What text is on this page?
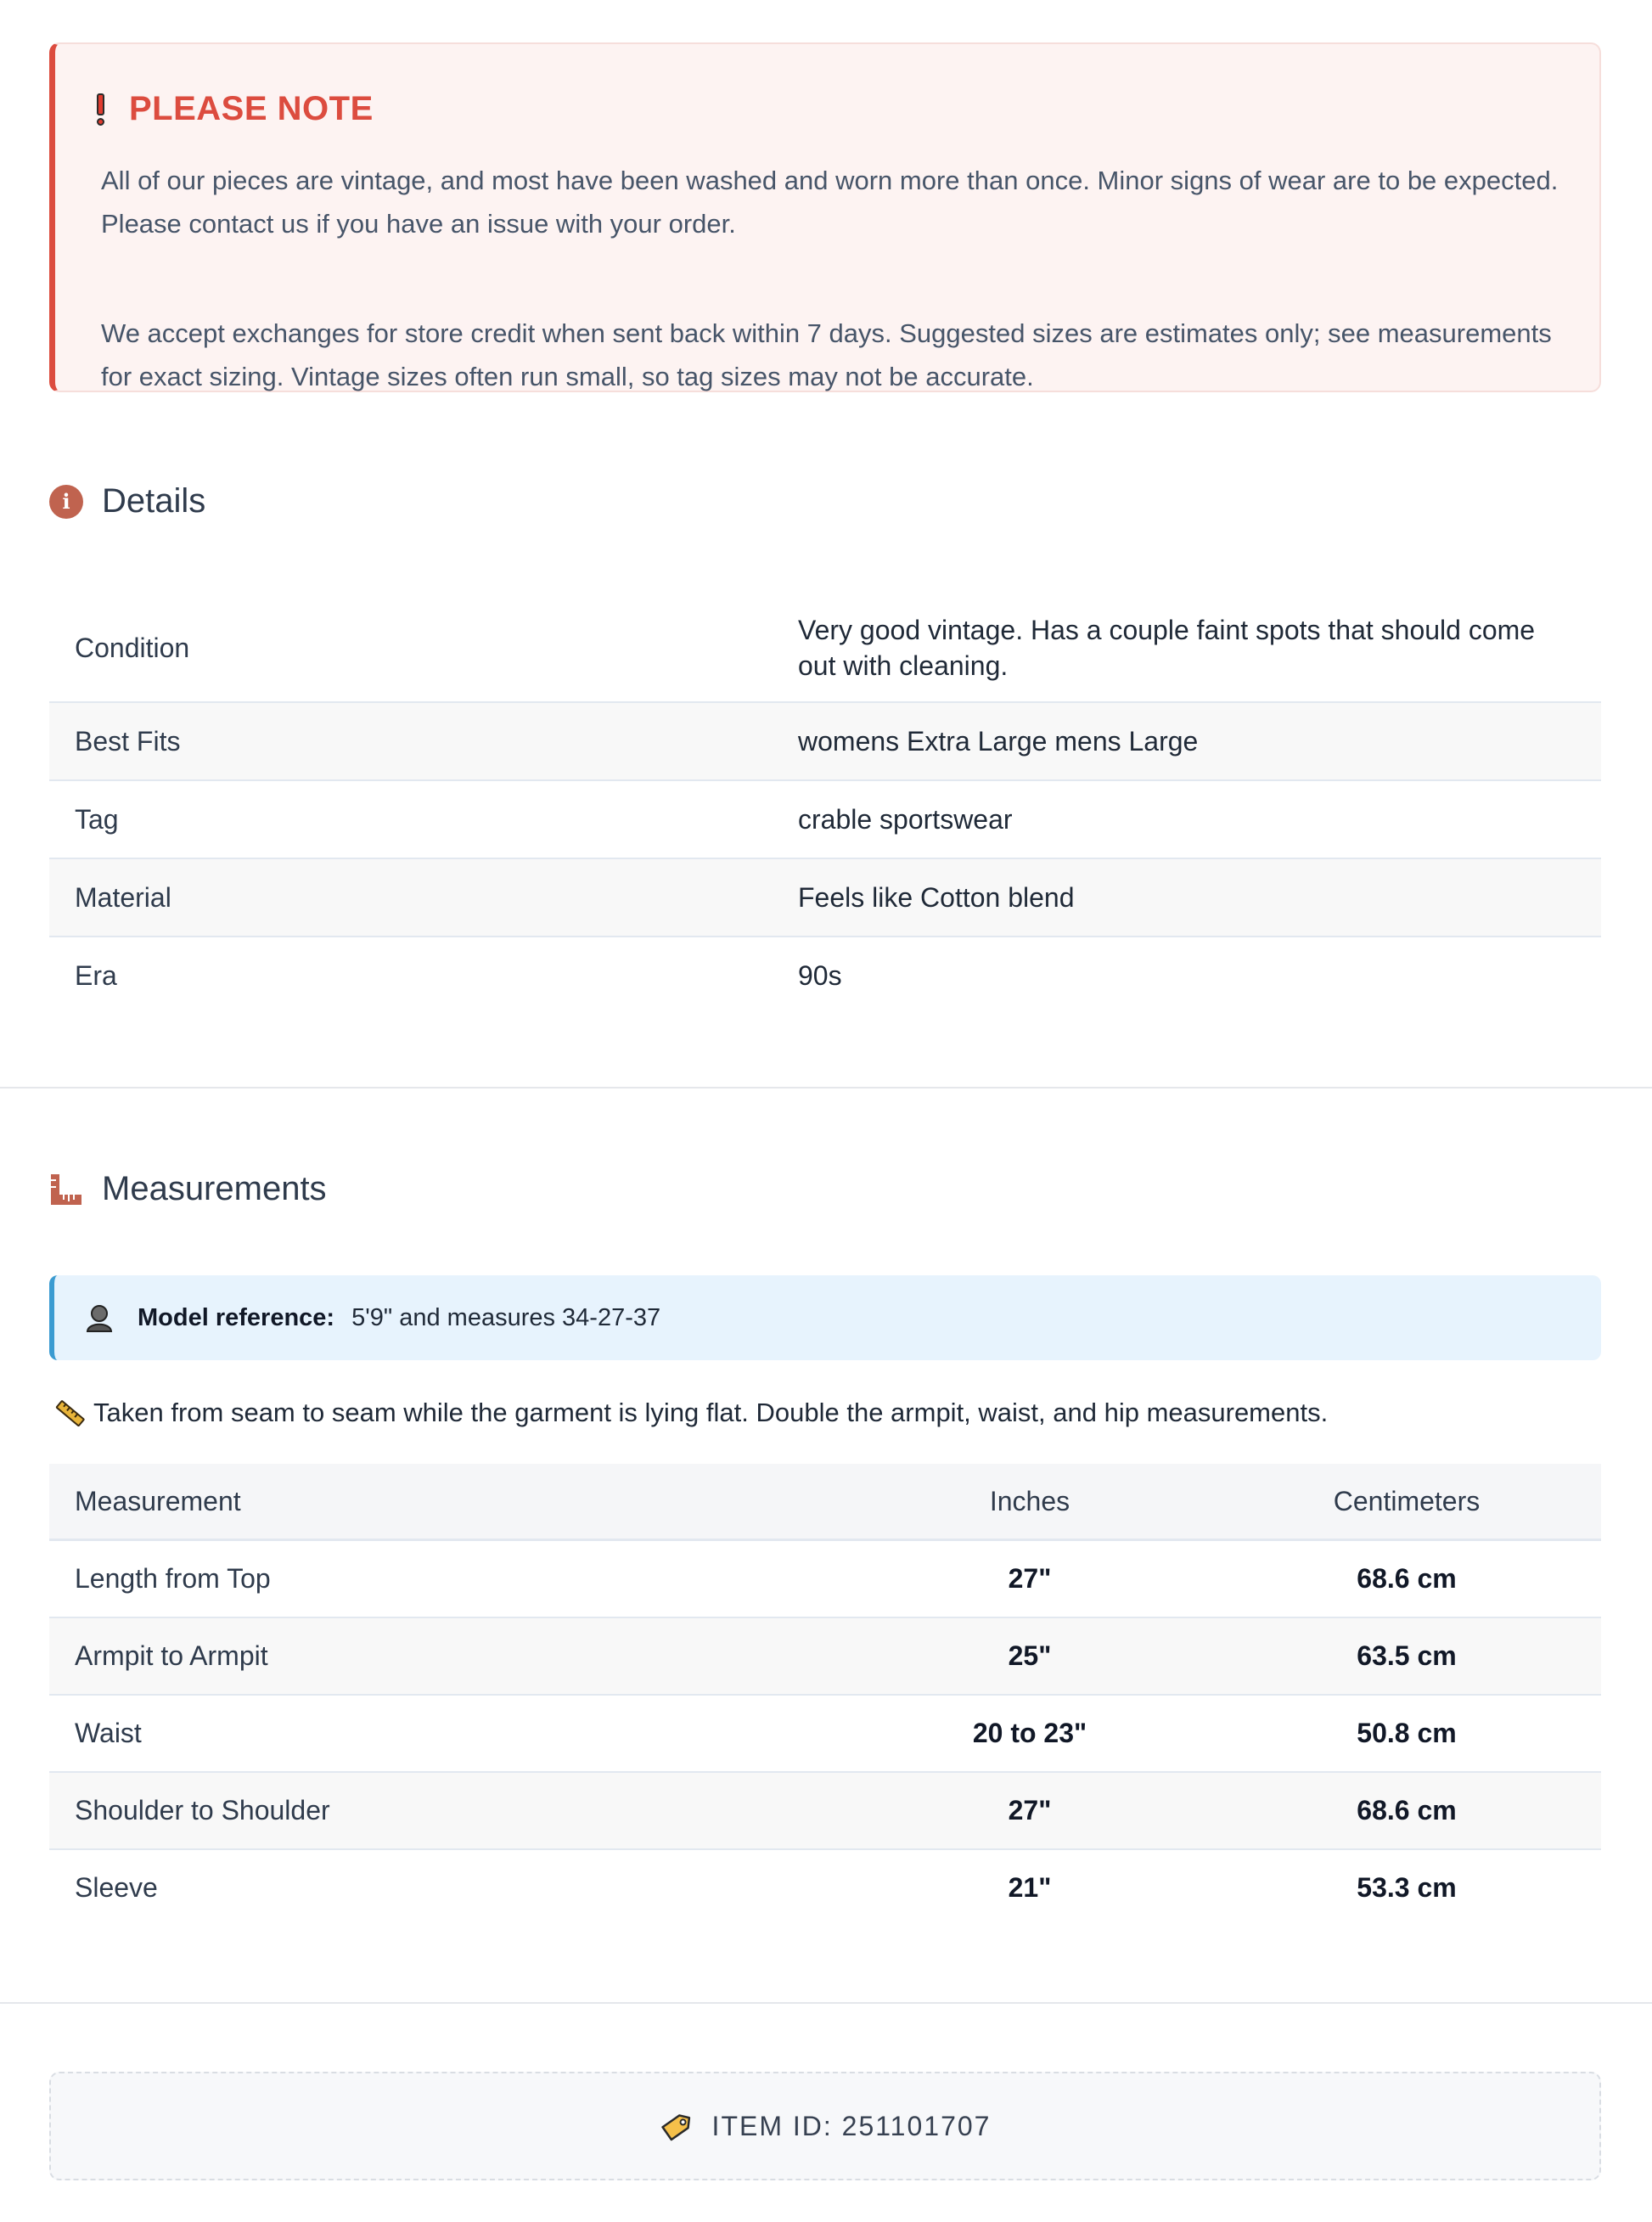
PLEASE NOTE

All of our pieces are vintage, and most have been washed and worn more than once. Minor signs of wear are to be expected. Please contact us if you have an issue with your order.

We accept exchanges for store credit when sent back within 7 days. Suggested sizes are estimates only; see measurements for exact sizing. Vintage sizes often run small, so tag sizes may not be accurate.

i Details
Condition	Very good vintage. Has a couple faint spots that should come out with cleaning.
Best Fits	womens Extra Large mens Large
Tag	crable sportswear
Material	Feels like Cotton blend
Era	90s
Measurements
Model reference: 5'9" and measures 34-27-37
Taken from seam to seam while the garment is lying flat. Double the armpit, waist, and hip measurements.
Measurement	Inches	Centimeters
Length from Top	27"	68.6 cm
Armpit to Armpit	25"	63.5 cm
Waist	20 to 23"	50.8 cm
Shoulder to Shoulder	27"	68.6 cm
Sleeve	21"	53.3 cm
ITEM ID: 251101707
